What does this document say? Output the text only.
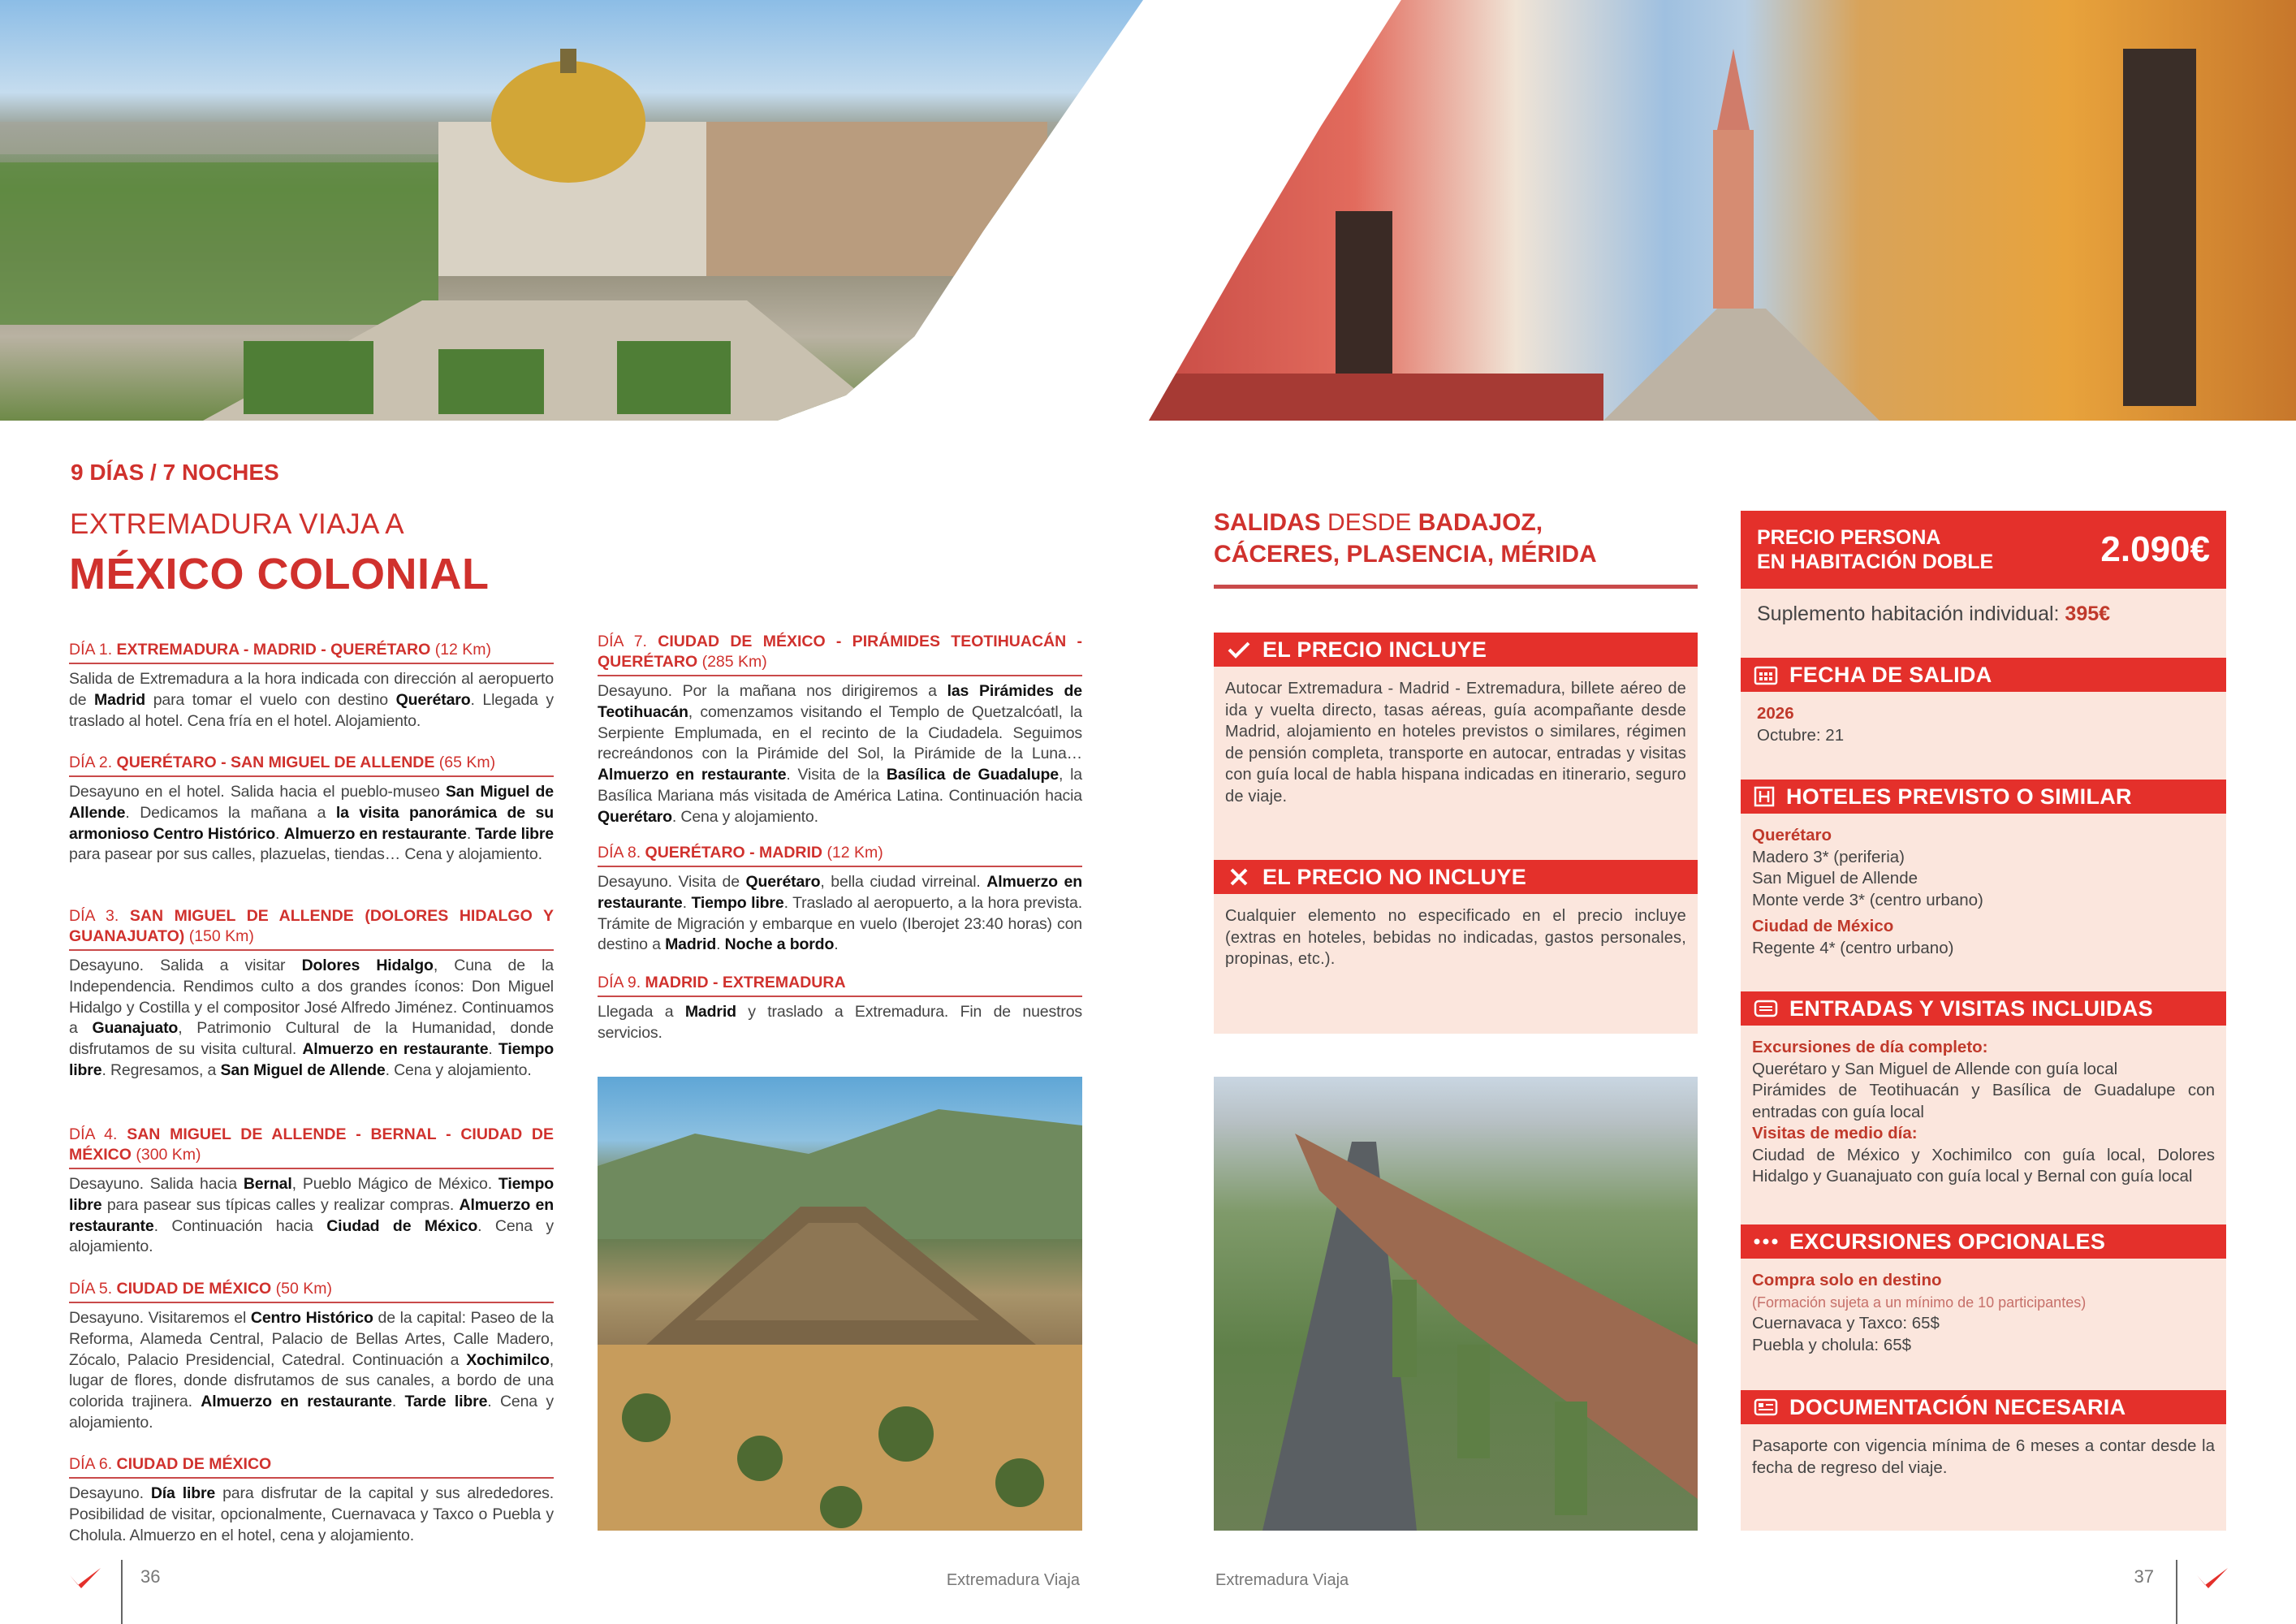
9 DÍAS / 7 NOCHES
EXTREMADURA VIAJA A
MÉXICO COLONIAL
DÍA 1. EXTREMADURA - MADRID - QUERÉTARO (12 Km)
Salida de Extremadura a la hora indicada con dirección al aeropuerto de Madrid para tomar el vuelo con destino Querétaro. Llegada y traslado al hotel. Cena fría en el hotel. Alojamiento.
DÍA 2. QUERÉTARO - SAN MIGUEL DE ALLENDE (65 Km)
Desayuno en el hotel. Salida hacia el pueblo-museo San Miguel de Allende. Dedicamos la mañana a la visita panorámica de su armonioso Centro Histórico. Almuerzo en restaurante. Tarde libre para pasear por sus calles, plazuelas, tiendas… Cena y alojamiento.
DÍA 3. SAN MIGUEL DE ALLENDE (DOLORES HIDALGO Y GUANAJUATO) (150 Km)
Desayuno. Salida a visitar Dolores Hidalgo, Cuna de la Independencia. Rendimos culto a dos grandes íconos: Don Miguel Hidalgo y Costilla y el compositor José Alfredo Jiménez. Continuamos a Guanajuato, Patrimonio Cultural de la Humanidad, donde disfrutamos de su visita cultural. Almuerzo en restaurante. Tiempo libre. Regresamos, a San Miguel de Allende. Cena y alojamiento.
DÍA 4. SAN MIGUEL DE ALLENDE - BERNAL - CIUDAD DE MÉXICO (300 Km)
Desayuno. Salida hacia Bernal, Pueblo Mágico de México. Tiempo libre para pasear sus típicas calles y realizar compras. Almuerzo en restaurante. Continuación hacia Ciudad de México. Cena y alojamiento.
DÍA 5. CIUDAD DE MÉXICO (50 Km)
Desayuno. Visitaremos el Centro Histórico de la capital: Paseo de la Reforma, Alameda Central, Palacio de Bellas Artes, Calle Madero, Zócalo, Palacio Presidencial, Catedral. Continuación a Xochimilco, lugar de flores, donde disfrutamos de sus canales, a bordo de una colorida trajinera. Almuerzo en restaurante. Tarde libre. Cena y alojamiento.
DÍA 6. CIUDAD DE MÉXICO
Desayuno. Día libre para disfrutar de la capital y sus alrededores. Posibilidad de visitar, opcionalmente, Cuernavaca y Taxco o Puebla y Cholula. Almuerzo en el hotel, cena y alojamiento.
DÍA 7. CIUDAD DE MÉXICO - PIRÁMIDES TEOTIHUACÁN - QUERÉTARO (285 Km)
Desayuno. Por la mañana nos dirigiremos a las Pirámides de Teotihuacán, comenzamos visitando el Templo de Quetzalcóatl, la Serpiente Emplumada, en el recinto de la Ciudadela. Seguimos recreándonos con la Pirámide del Sol, la Pirámide de la Luna… Almuerzo en restaurante. Visita de la Basílica de Guadalupe, la Basílica Mariana más visitada de América Latina. Continuación hacia Querétaro. Cena y alojamiento.
DÍA 8. QUERÉTARO - MADRID (12 Km)
Desayuno. Visita de Querétaro, bella ciudad virreinal. Almuerzo en restaurante. Tiempo libre. Traslado al aeropuerto, a la hora prevista. Trámite de Migración y embarque en vuelo (Iberojet 23:40 horas) con destino a Madrid. Noche a bordo.
DÍA 9. MADRID - EXTREMADURA
Llegada a Madrid y traslado a Extremadura. Fin de nuestros servicios.
SALIDAS DESDE BADAJOZ,
CÁCERES, PLASENCIA, MÉRIDA
EL PRECIO INCLUYE
Autocar Extremadura - Madrid - Extremadura, billete aéreo de ida y vuelta directo, tasas aéreas, guía acompañante desde Madrid, alojamiento en hoteles previstos o similares, régimen de pensión completa, transporte en autocar, entradas y visitas con guía local de habla hispana indicadas en itinerario, seguro de viaje.
EL PRECIO NO INCLUYE
Cualquier elemento no especificado en el precio incluye (extras en hoteles, bebidas no indicadas, gastos personales, propinas, etc.).
PRECIO PERSONA
EN HABITACIÓN DOBLE	2.090€
Suplemento habitación individual: 395€
FECHA DE SALIDA
2026
Octubre: 21
HOTELES PREVISTO O SIMILAR
Querétaro
Madero 3* (periferia)
San Miguel de Allende
Monte verde 3* (centro urbano)
Ciudad de México
Regente 4* (centro urbano)
ENTRADAS Y VISITAS INCLUIDAS
Excursiones de día completo:
Querétaro y San Miguel de Allende con guía local
Pirámides de Teotihuacán y Basílica de Guadalupe con entradas con guía local
Visitas de medio día:
Ciudad de México y Xochimilco con guía local, Dolores Hidalgo y Guanajuato con guía local y Bernal con guía local
EXCURSIONES OPCIONALES
Compra solo en destino
(Formación sujeta a un mínimo de 10 participantes)
Cuernavaca y Taxco: 65$
Puebla y cholula: 65$
DOCUMENTACIÓN NECESARIA
Pasaporte con vigencia mínima de 6 meses a contar desde la fecha de regreso del viaje.
36	Extremadura Viaja	Extremadura Viaja	37
